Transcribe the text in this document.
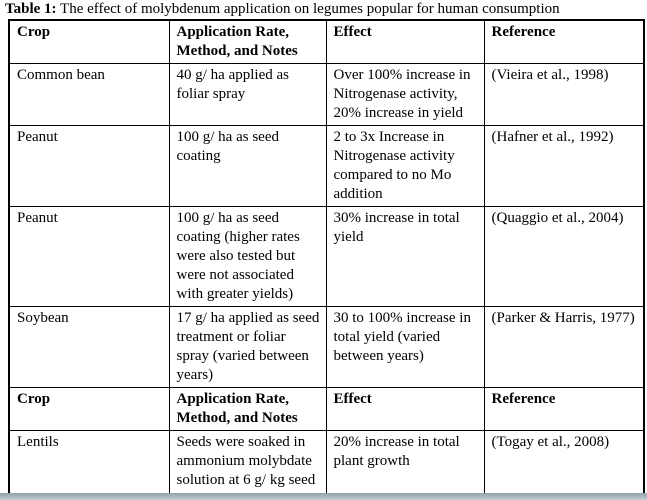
Table 1: The effect of molybdenum application on legumes popular for human consumption
Crop	Application Rate, Method, and Notes	Effect	Reference
Common bean	40 g/ ha applied as foliar spray	Over 100% increase in Nitrogenase activity, 20% increase in yield	(Vieira et al., 1998)
Peanut	100 g/ ha as seed coating	2 to 3x Increase in Nitrogenase activity compared to no Mo addition	(Hafner et al., 1992)
Peanut	100 g/ ha as seed coating (higher rates were also tested but were not associated with greater yields)	30% increase in total yield	(Quaggio et al., 2004)
Soybean	17 g/ ha applied as seed treatment or foliar spray (varied between years)	30 to 100% increase in total yield (varied between years)	(Parker & Harris, 1977)
Crop	Application Rate, Method, and Notes	Effect	Reference
Lentils	Seeds were soaked in ammonium molybdate solution at 6 g/ kg seed	20% increase in total plant growth	(Togay et al., 2008)
